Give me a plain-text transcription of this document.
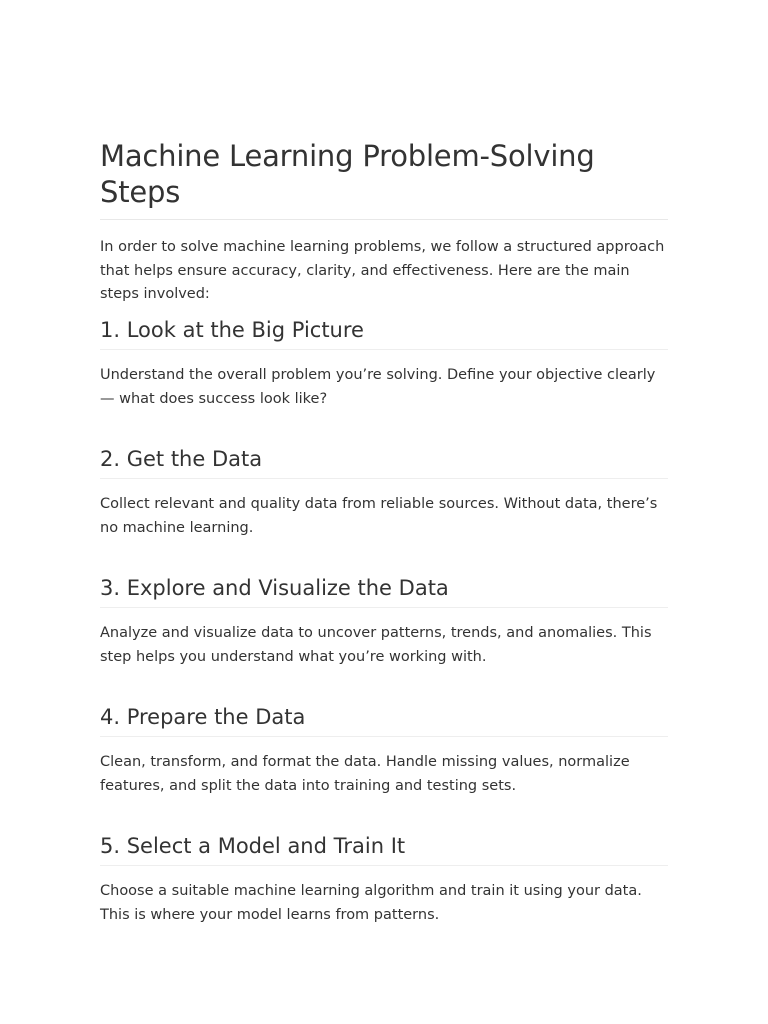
Machine Learning Problem-Solving Steps

In order to solve machine learning problems, we follow a structured approach that helps ensure accuracy, clarity, and effectiveness. Here are the main steps involved:

1. Look at the Big Picture

Understand the overall problem you’re solving. Define your objective clearly — what does success look like?

2. Get the Data

Collect relevant and quality data from reliable sources. Without data, there’s no machine learning.

3. Explore and Visualize the Data

Analyze and visualize data to uncover patterns, trends, and anomalies. This step helps you understand what you’re working with.

4. Prepare the Data

Clean, transform, and format the data. Handle missing values, normalize features, and split the data into training and testing sets.

5. Select a Model and Train It

Choose a suitable machine learning algorithm and train it using your data. This is where your model learns from patterns.
